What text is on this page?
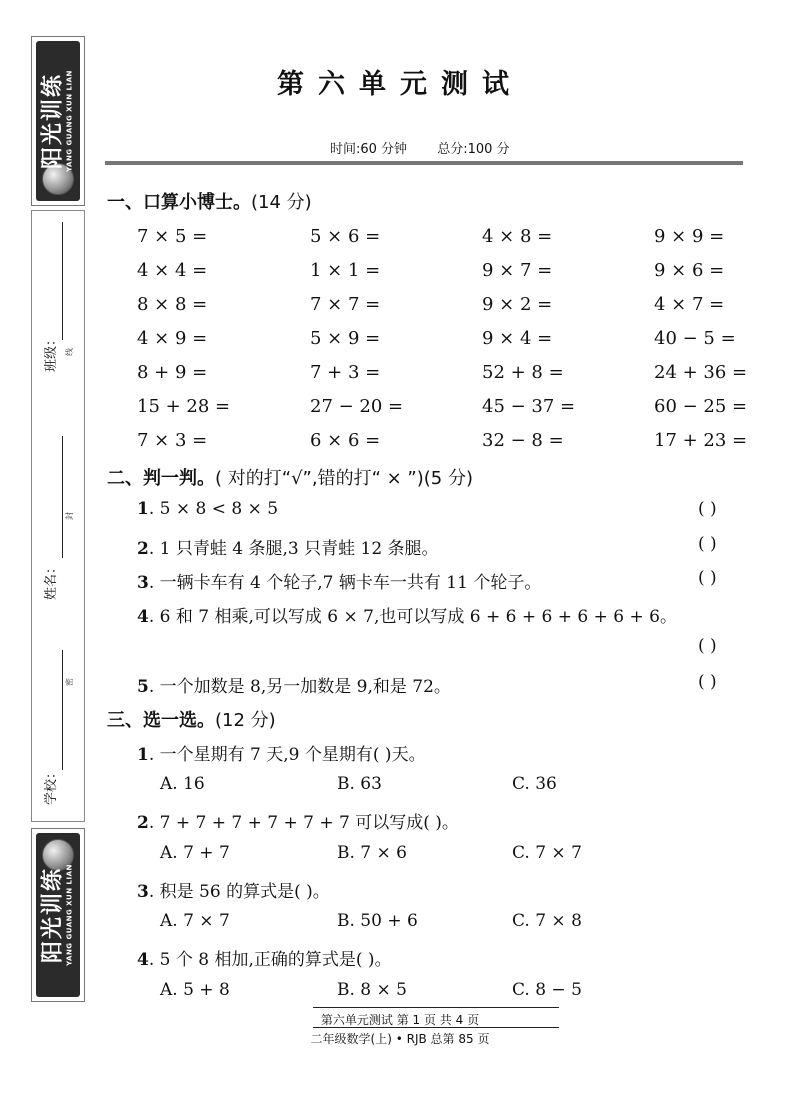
阳光训练 YANG GUANG XUN LIAN
阳光训练 YANG GUANG XUN LIAN
班级： 线
姓名：
封
学校：
密
第六单元测试
时间:60 分钟 总分:100 分
一、口算小博士。(14 分)
7 × 5 =	5 × 6 =	4 × 8 =	9 × 9 =
4 × 4 =	1 × 1 =	9 × 7 =	9 × 6 =
8 × 8 =	7 × 7 =	9 × 2 =	4 × 7 =
4 × 9 =	5 × 9 =	9 × 4 =	40 − 5 =
8 + 9 =	7 + 3 =	52 + 8 =	24 + 36 =
15 + 28 =	27 − 20 =	45 − 37 =	60 − 25 =
7 × 3 =	6 × 6 =	32 − 8 =	17 + 23 =
二、判一判。( 对的打“√”,错的打“ × ”)(5 分)
1. 5 × 8 < 8 × 5	( )
2. 1 只青蛙 4 条腿,3 只青蛙 12 条腿。	( )
3. 一辆卡车有 4 个轮子,7 辆卡车一共有 11 个轮子。	( )
4. 6 和 7 相乘,可以写成 6 × 7,也可以写成 6 + 6 + 6 + 6 + 6 + 6。
( )
5. 一个加数是 8,另一加数是 9,和是 72。	( )
三、选一选。(12 分)
1. 一个星期有 7 天,9 个星期有( )天。
A. 16	B. 63	C. 36
2. 7 + 7 + 7 + 7 + 7 + 7 可以写成( )。
A. 7 + 7	B. 7 × 6	C. 7 × 7
3. 积是 56 的算式是( )。
A. 7 × 7	B. 50 + 6	C. 7 × 8
4. 5 个 8 相加,正确的算式是( )。
A. 5 + 8	B. 8 × 5	C. 8 − 5
第六单元测试 第 1 页 共 4 页
二年级数学(上) • RJB 总第 85 页
